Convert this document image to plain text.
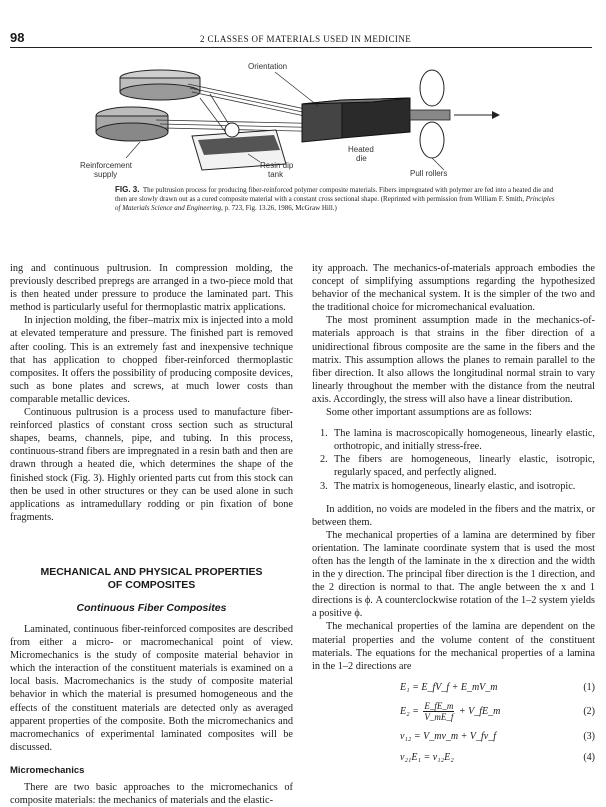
98	2 CLASSES OF MATERIALS USED IN MEDICINE
Orientation
Heated
die
Resin dip
tank	Pull rollers
Reinforcement
supply
FIG. 3. The pultrusion process for producing fiber-reinforced polymer composite materials. Fibers impregnated with polymer are fed into a heated die and then are slowly drawn out as a cured composite material with a constant cross sectional shape. (Reprinted with permission from William F. Smith, Principles of Materials Science and Engineering, p. 723, Fig. 13.26, 1986, McGraw Hill.)

ing and continuous pultrusion. In compression molding, the previously described prepregs are arranged in a two-piece mold that is then heated under pressure to produce the laminated part. This method is particularly useful for thermoplastic matrix applications.

In injection molding, the fiber–matrix mix is injected into a mold at elevated temperature and pressure. The finished part is removed after cooling. This is an extremely fast and inexpensive technique that has application to chopped fiber-reinforced thermoplastic composites. It offers the possibility of producing composite devices, such as bone plates and screws, at much lower costs than comparable metallic devices.

Continuous pultrusion is a process used to manufacture fiber-reinforced plastics of constant cross section such as structural shapes, beams, channels, pipe, and tubing. In this process, continuous-strand fibers are impregnated in a resin bath and then are drawn through a heated die, which determines the shape of the finished stock (Fig. 3). Highly oriented parts cut from this stock can then be used in other structures or they can be used alone in such applications as intramedullary rodding or pin fixation of bone fragments.

MECHANICAL AND PHYSICAL PROPERTIES

OF COMPOSITES

Continuous Fiber Composites

Laminated, continuous fiber-reinforced composites are described from either a micro- or macromechanical point of view. Micromechanics is the study of composite material behavior in which the interaction of the constituent materials is examined on a local basis. Macromechanics is the study of composite material behavior in which the material is presumed homogeneous and the effects of the constituent materials are detected only as averaged apparent properties of the composite. Both the micromechanics and macromechanics of experimental laminated composites will be discussed.

Micromechanics

There are two basic approaches to the micromechanics of composite materials: the mechanics of materials and the elastic-

ity approach. The mechanics-of-materials approach embodies the concept of simplifying assumptions regarding the hypothesized behavior of the mechanical system. It is the simpler of the two and the traditional choice for micromechanical evaluation.

The most prominent assumption made in the mechanics-of-materials approach is that strains in the fiber direction of a unidirectional fibrous composite are the same in the fibers and the matrix. This assumption allows the planes to remain parallel to the fiber direction. It also allows the longitudinal normal strain to vary linearly throughout the member with the distance from the neutral axis. Accordingly, the stress will also have a linear distribution.

Some other important assumptions are as follows:

1. The lamina is macroscopically homogeneous, linearly elastic, orthotropic, and initially stress-free.
2. The fibers are homogeneous, linearly elastic, isotropic, regularly spaced, and perfectly aligned.
3. The matrix is homogeneous, linearly elastic, and isotropic.

In addition, no voids are modeled in the fibers and the matrix, or between them.

The mechanical properties of a lamina are determined by fiber orientation. The laminate coordinate system that is used the most often has the length of the laminate in the x direction and the width in the y direction. The principal fiber direction is the 1 direction, and the 2 direction is normal to that. The angle between the x and 1 directions is ϕ. A counterclockwise rotation of the 1–2 system yields a positive ϕ.

The mechanical properties of the lamina are dependent on the material properties and the volume content of the constituent materials. The equations for the mechanical properties of a lamina in the 1–2 directions are

E₁ = E_fV_f + E_mV_m	(1)
$E_2 = \frac{E\_fE\_m}{V\_mE\_f}$ + V_fE_m	(2)
ν₁₂ = V_mν_m + V_fν_f	(3)
ν₂₁E₁ = ν₁₂E₂	(4)
